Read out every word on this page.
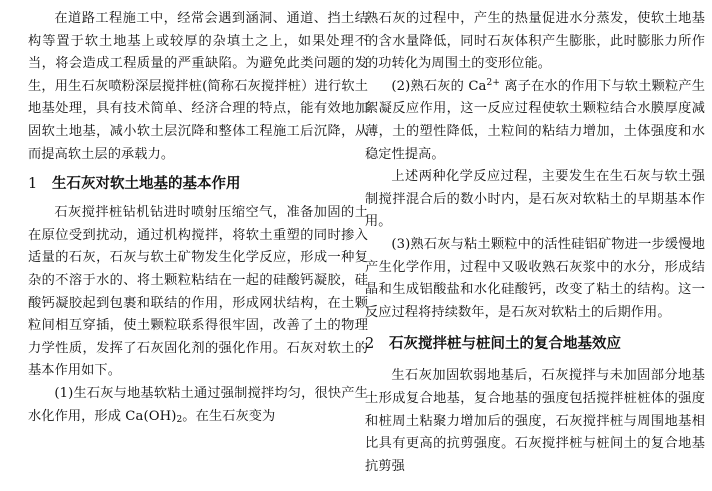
在道路工程施工中，经常会遇到涵洞、通道、挡土结构等置于软土地基上或较厚的杂填土之上，如果处理不当，将会造成工程质量的严重缺陷。为避免此类问题的发生，用生石灰喷粉深层搅拌桩(简称石灰搅拌桩）进行软土地基处理，具有技术简单、经济合理的特点，能有效地加固软土地基，减小软土层沉降和整体工程施工后沉降，从而提高软土层的承载力。

1 生石灰对软土地基的基本作用

石灰搅拌桩钻机钻进时喷射压缩空气，准备加固的土在原位受到扰动，通过机构搅拌，将软土重塑的同时掺入适量的石灰，石灰与软土矿物发生化学反应，形成一种复杂的不溶于水的、将土颗粒粘结在一起的硅酸钙凝胶，硅酸钙凝胶起到包裹和联结的作用，形成网状结构，在土颗粒间相互穿插，使土颗粒联系得很牢固，改善了土的物理力学性质，发挥了石灰固化剂的强化作用。石灰对软土的基本作用如下。

(1)生石灰与地基软粘土通过强制搅拌均匀，很快产生水化作用，形成 $Ca(OH)_2$。在生石灰变为

熟石灰的过程中，产生的热量促进水分蒸发，使软土地基的含水量降低，同时石灰体积产生膨胀，此时膨胀力所作的功转化为周围土的变形位能。

(2)熟石灰的 $Ca^{2+}$ 离子在水的作用下与软土颗粒产生絮凝反应作用，这一反应过程使软土颗粒结合水膜厚度减薄，土的塑性降低，土粒间的粘结力增加，土体强度和水稳定性提高。

上述两种化学反应过程，主要发生在生石灰与软土强制搅拌混合后的数小时内，是石灰对软粘土的早期基本作用。

(3)熟石灰与粘土颗粒中的活性硅铝矿物进一步缓慢地产生化学作用，过程中又吸收熟石灰浆中的水分，形成结晶和生成铝酸盐和水化硅酸钙，改变了粘土的结构。这一反应过程将持续数年，是石灰对软粘土的后期作用。

2 石灰搅拌桩与桩间土的复合地基效应

生石灰加固软弱地基后，石灰搅拌与未加固部分地基土形成复合地基，复合地基的强度包括搅拌桩桩体的强度和桩周土粘聚力增加后的强度，石灰搅拌桩与周围地基相比具有更高的抗剪强度。石灰搅拌桩与桩间土的复合地基抗剪强
